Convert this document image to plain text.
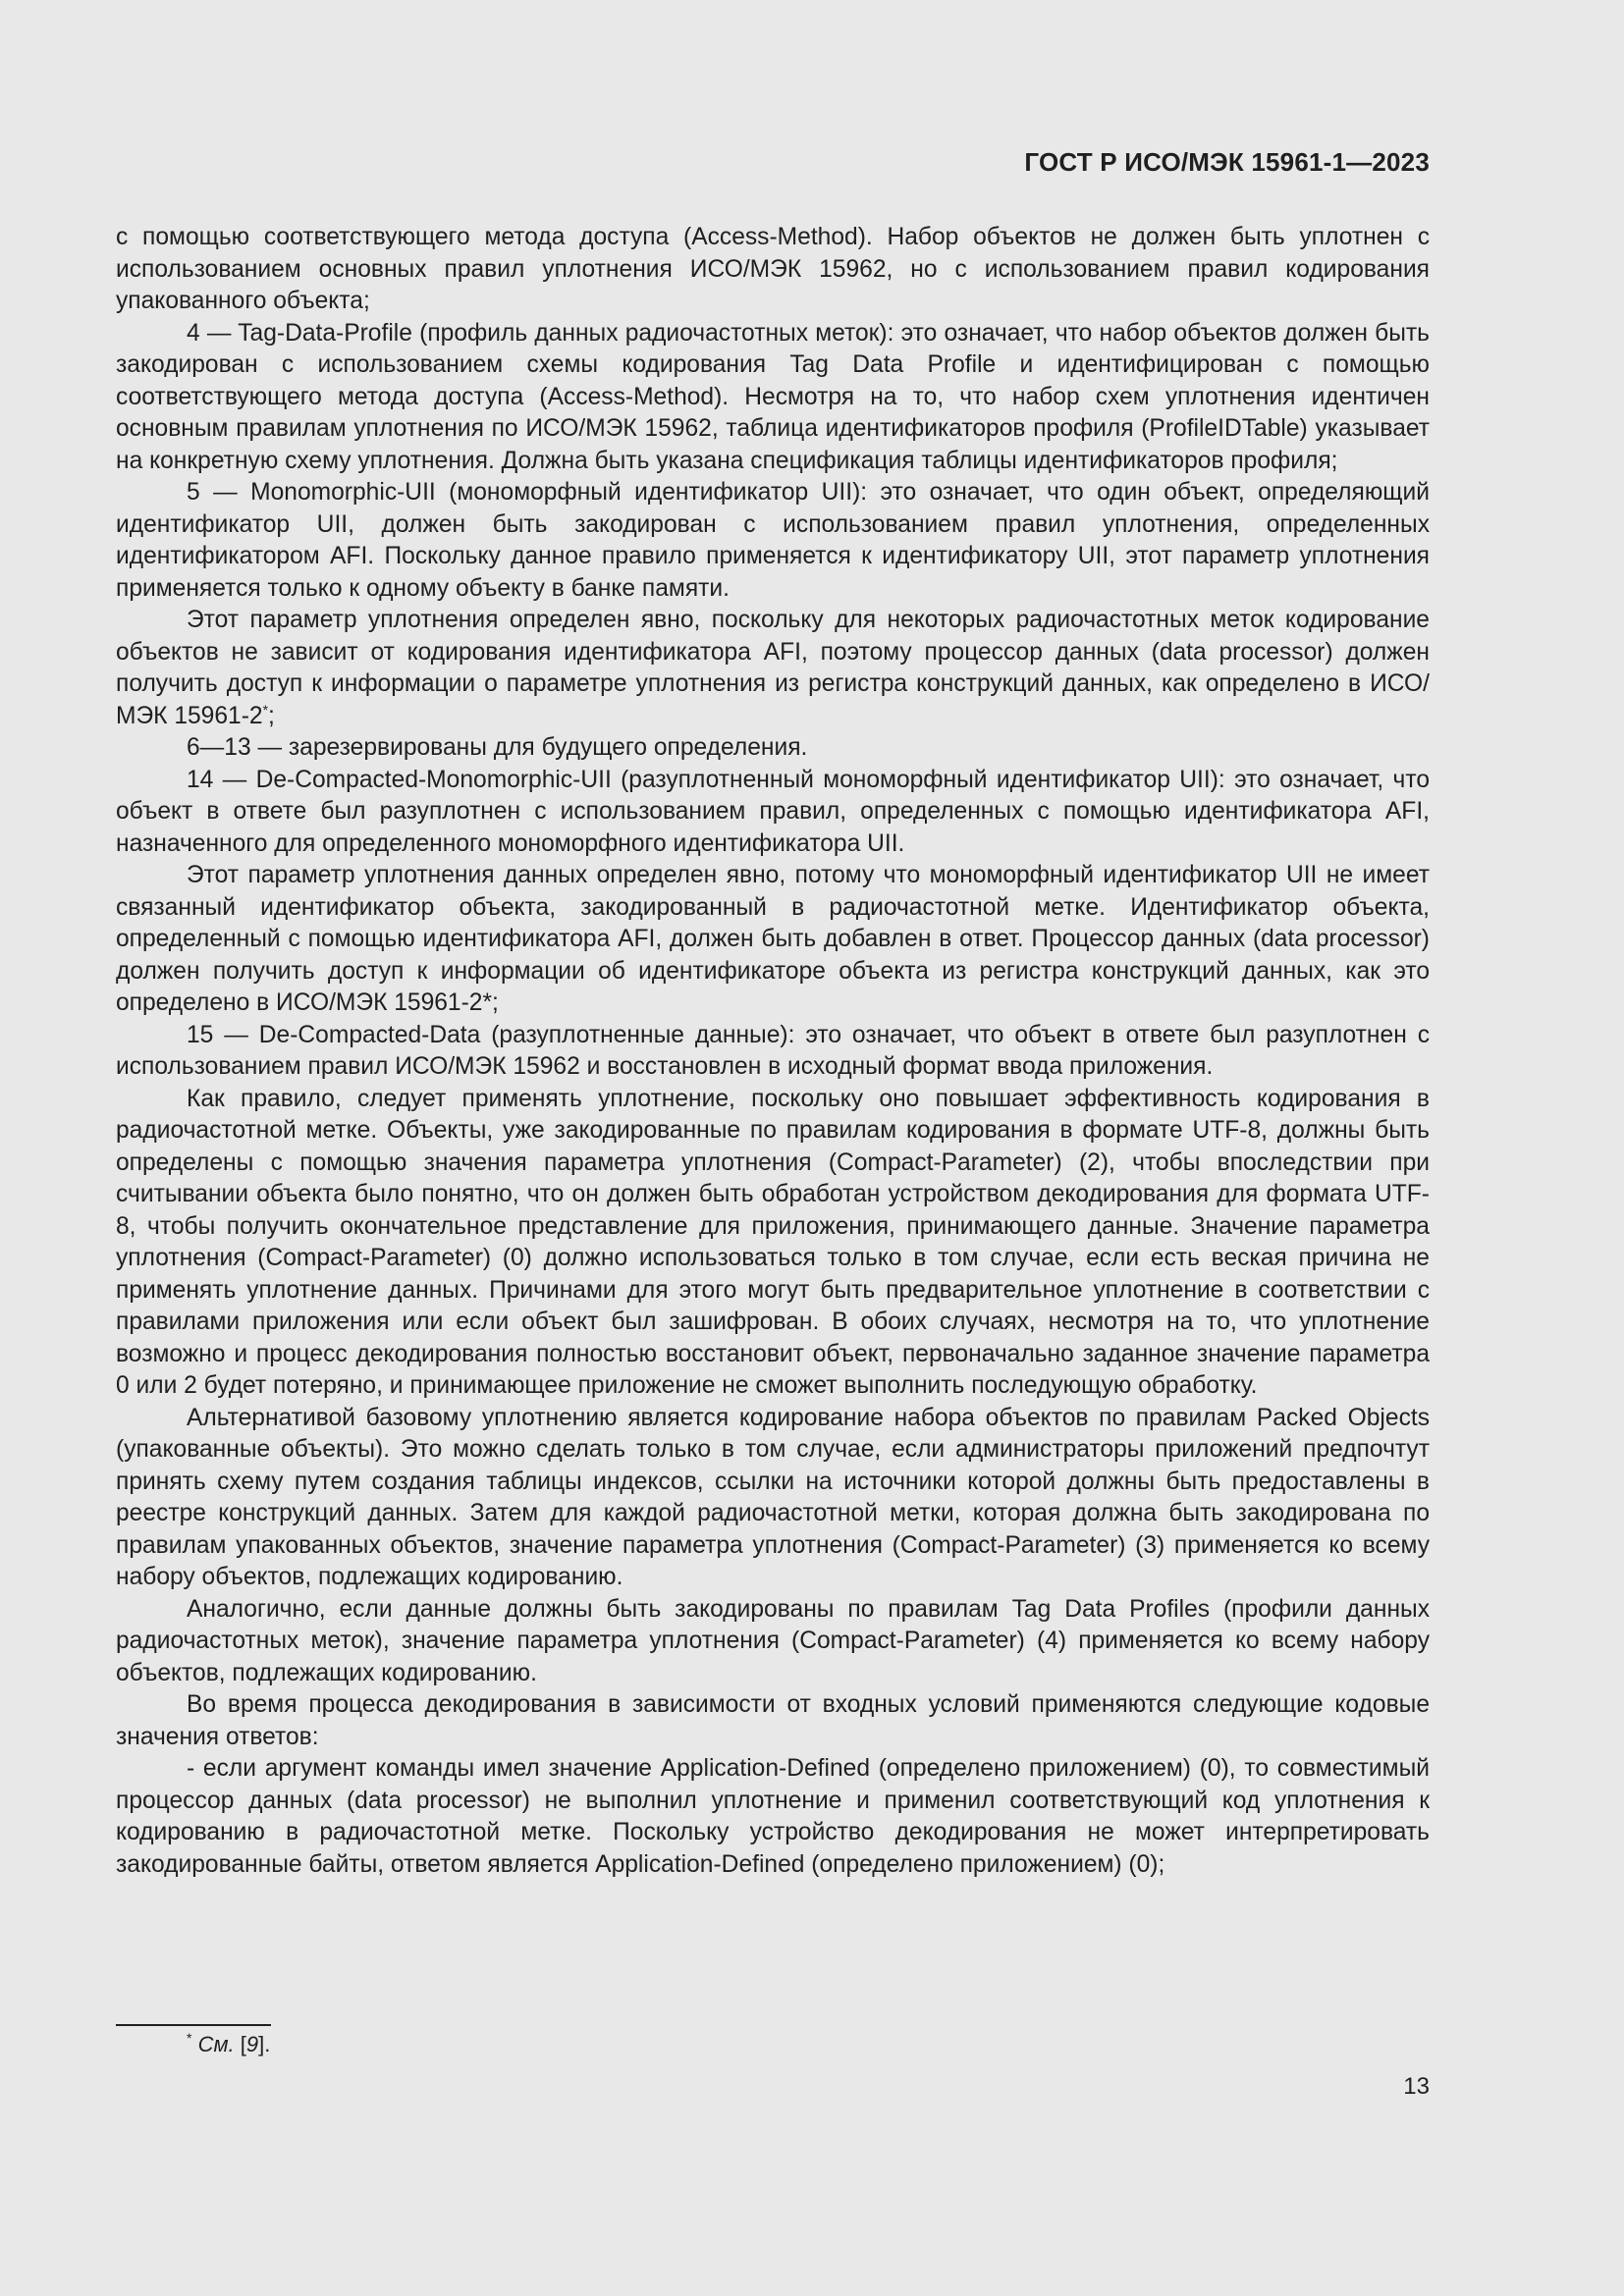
ГОСТ Р ИСО/МЭК 15961-1—2023

с помощью соответствующего метода доступа (Access-Method). Набор объектов не должен быть уплотнен с использованием основных правил уплотнения ИСО/МЭК 15962, но с использованием правил кодирования упакованного объекта;

4 — Tag-Data-Profile (профиль данных радиочастотных меток): это означает, что набор объектов должен быть закодирован с использованием схемы кодирования Tag Data Profile и идентифицирован с помощью соответствующего метода доступа (Access-Method). Несмотря на то, что набор схем уплотнения идентичен основным правилам уплотнения по ИСО/МЭК 15962, таблица идентификаторов профиля (ProfileIDTable) указывает на конкретную схему уплотнения. Должна быть указана спецификация таблицы идентификаторов профиля;

5 — Monomorphic-UII (мономорфный идентификатор UII): это означает, что один объект, определяющий идентификатор UII, должен быть закодирован с использованием правил уплотнения, определенных идентификатором AFI. Поскольку данное правило применяется к идентификатору UII, этот параметр уплотнения применяется только к одному объекту в банке памяти.

Этот параметр уплотнения определен явно, поскольку для некоторых радиочастотных меток кодирование объектов не зависит от кодирования идентификатора AFI, поэтому процессор данных (data processor) должен получить доступ к информации о параметре уплотнения из регистра конструкций данных, как определено в ИСО/МЭК 15961-2*;

6—13 — зарезервированы для будущего определения.

14 — De-Compacted-Monomorphic-UII (разуплотненный мономорфный идентификатор UII): это означает, что объект в ответе был разуплотнен с использованием правил, определенных с помощью идентификатора AFI, назначенного для определенного мономорфного идентификатора UII.

Этот параметр уплотнения данных определен явно, потому что мономорфный идентификатор UII не имеет связанный идентификатор объекта, закодированный в радиочастотной метке. Идентификатор объекта, определенный с помощью идентификатора AFI, должен быть добавлен в ответ. Процессор данных (data processor) должен получить доступ к информации об идентификаторе объекта из регистра конструкций данных, как это определено в ИСО/МЭК 15961-2*;

15 — De-Compacted-Data (разуплотненные данные): это означает, что объект в ответе был разуплотнен с использованием правил ИСО/МЭК 15962 и восстановлен в исходный формат ввода приложения.

Как правило, следует применять уплотнение, поскольку оно повышает эффективность кодирования в радиочастотной метке. Объекты, уже закодированные по правилам кодирования в формате UTF-8, должны быть определены с помощью значения параметра уплотнения (Compact-Parameter) (2), чтобы впоследствии при считывании объекта было понятно, что он должен быть обработан устройством декодирования для формата UTF-8, чтобы получить окончательное представление для приложения, принимающего данные. Значение параметра уплотнения (Compact-Parameter) (0) должно использоваться только в том случае, если есть веская причина не применять уплотнение данных. Причинами для этого могут быть предварительное уплотнение в соответствии с правилами приложения или если объект был зашифрован. В обоих случаях, несмотря на то, что уплотнение возможно и процесс декодирования полностью восстановит объект, первоначально заданное значение параметра 0 или 2 будет потеряно, и принимающее приложение не сможет выполнить последующую обработку.

Альтернативой базовому уплотнению является кодирование набора объектов по правилам Packed Objects (упакованные объекты). Это можно сделать только в том случае, если администраторы приложений предпочтут принять схему путем создания таблицы индексов, ссылки на источники которой должны быть предоставлены в реестре конструкций данных. Затем для каждой радиочастотной метки, которая должна быть закодирована по правилам упакованных объектов, значение параметра уплотнения (Compact-Parameter) (3) применяется ко всему набору объектов, подлежащих кодированию.

Аналогично, если данные должны быть закодированы по правилам Tag Data Profiles (профили данных радиочастотных меток), значение параметра уплотнения (Compact-Parameter) (4) применяется ко всему набору объектов, подлежащих кодированию.

Во время процесса декодирования в зависимости от входных условий применяются следующие кодовые значения ответов:

- если аргумент команды имел значение Application-Defined (определено приложением) (0), то совместимый процессор данных (data processor) не выполнил уплотнение и применил соответствующий код уплотнения к кодированию в радиочастотной метке. Поскольку устройство декодирования не может интерпретировать закодированные байты, ответом является Application-Defined (определено приложением) (0);

* См. [9].
13
